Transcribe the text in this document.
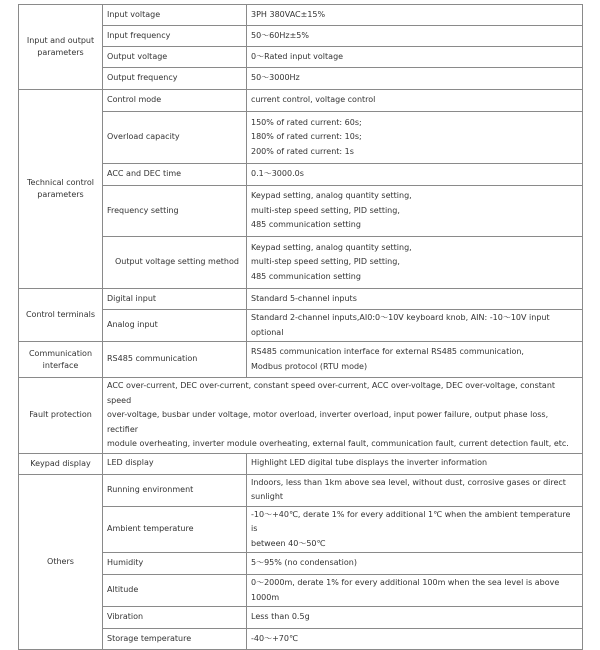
Input and output parameters	Input voltage	3PH 380VAC±15%

	Input frequency	50～60Hz±5%

	Output voltage	0～Rated input voltage

	Output frequency	50～3000Hz

Technical control parameters	Control mode	current control, voltage control

	Overload capacity	150% of rated current: 60s;
180% of rated current: 10s;
200% of rated current: 1s

	ACC and DEC time	0.1～3000.0s

	Frequency setting	Keypad setting, analog quantity setting,
multi-step speed setting, PID setting,
485 communication setting

	Output voltage setting method	Keypad setting, analog quantity setting,
multi-step speed setting, PID setting,
485 communication setting

Control terminals	Digital input	Standard 5-channel inputs

	Analog input	Standard 2-channel inputs,AI0:0～10V keyboard knob, AIN: -10～10V input optional

Communication interface	RS485 communication	RS485 communication interface for external RS485 communication,
Modbus protocol (RTU mode)

Fault protection	ACC over-current, DEC over-current, constant speed over-current, ACC over-voltage, DEC over-voltage, constant speed
over-voltage, busbar under voltage, motor overload, inverter overload, input power failure, output phase loss, rectifier
module overheating, inverter module overheating, external fault, communication fault, current detection fault, etc.	

Keypad display	LED display	Highlight LED digital tube displays the inverter information

Others	Running environment	Indoors, less than 1km above sea level, without dust, corrosive gases or direct sunlight

	Ambient temperature	-10～+40℃, derate 1% for every additional 1℃ when the ambient temperature is
between 40～50℃

	Humidity	5～95% (no condensation)

	Altitude	0～2000m, derate 1% for every additional 100m when the sea level is above 1000m

	Vibration	Less than 0.5g

	Storage temperature	-40～+70℃
